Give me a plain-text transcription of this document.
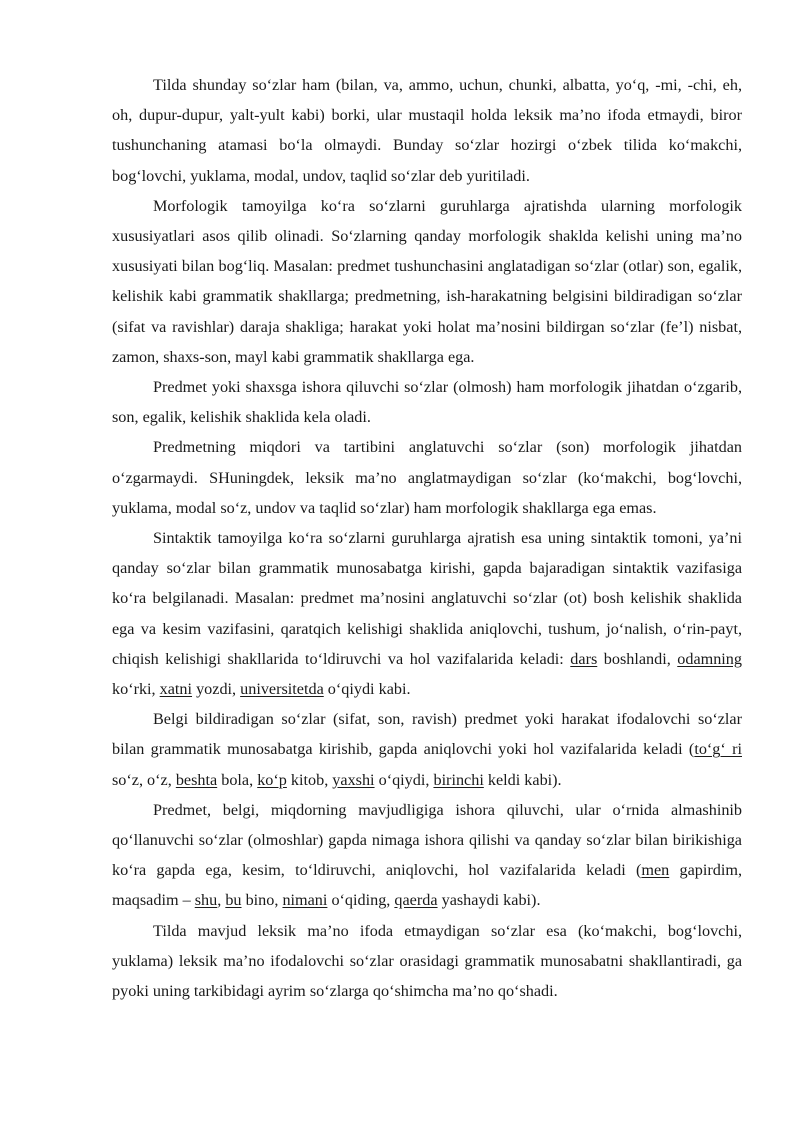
Tilda shunday so‘zlar ham (bilan, va, ammo, uchun, chunki, albatta, yo‘q, -mi, -chi, eh, oh, dupur-dupur, yalt-yult kabi) borki, ular mustaqil holda leksik ma’no ifoda etmaydi, biror tushunchaning atamasi bo‘la olmaydi. Bunday so‘zlar hozirgi o‘zbek tilida ko‘makchi, bog‘lovchi, yuklama, modal, undov, taqlid so‘zlar deb yuritiladi.

Morfologik tamoyilga ko‘ra so‘zlarni guruhlarga ajratishda ularning morfologik xususiyatlari asos qilib olinadi. So‘zlarning qanday morfologik shaklda kelishi uning ma’no xususiyati bilan bog‘liq. Masalan: predmet tushunchasini anglatadigan so‘zlar (otlar) son, egalik, kelishik kabi grammatik shakllarga; predmetning, ish-harakatning belgisini bildiradigan so‘zlar (sifat va ravishlar) daraja shakliga; harakat yoki holat ma’nosini bildirgan so‘zlar (fe’l) nisbat, zamon, shaxs-son, mayl kabi grammatik shakllarga ega.

Predmet yoki shaxsga ishora qiluvchi so‘zlar (olmosh) ham morfologik jihatdan o‘zgarib, son, egalik, kelishik shaklida kela oladi.

Predmetning miqdori va tartibini anglatuvchi so‘zlar (son) morfologik jihatdan o‘zgarmaydi. SHuningdek, leksik ma’no anglatmaydigan so‘zlar (ko‘makchi, bog‘lovchi, yuklama, modal so‘z, undov va taqlid so‘zlar) ham morfologik shakllarga ega emas.

Sintaktik tamoyilga ko‘ra so‘zlarni guruhlarga ajratish esa uning sintaktik tomoni, ya’ni qanday so‘zlar bilan grammatik munosabatga kirishi, gapda bajaradigan sintaktik vazifasiga ko‘ra belgilanadi. Masalan: predmet ma’nosini anglatuvchi so‘zlar (ot) bosh kelishik shaklida ega va kesim vazifasini, qaratqich kelishigi shaklida aniqlovchi, tushum, jo‘nalish, o‘rin-payt, chiqish kelishigi shakllarida to‘ldiruvchi va hol vazifalarida keladi: dars boshlandi, odamning ko‘rki, xatni yozdi, universitetda o‘qiydi kabi.

Belgi bildiradigan so‘zlar (sifat, son, ravish) predmet yoki harakat ifodalovchi so‘zlar bilan grammatik munosabatga kirishib, gapda aniqlovchi yoki hol vazifalarida keladi (to‘g‘ ri so‘z, o‘z, beshta bola, ko‘p kitob, yaxshi o‘qiydi, birinchi keldi kabi).

Predmet, belgi, miqdorning mavjudligiga ishora qiluvchi, ular o‘rnida almashinib qo‘llanuvchi so‘zlar (olmoshlar) gapda nimaga ishora qilishi va qanday so‘zlar bilan birikishiga ko‘ra gapda ega, kesim, to‘ldiruvchi, aniqlovchi, hol vazifalarida keladi (men gapirdim, maqsadim – shu, bu bino, nimani o‘qiding, qaerda yashaydi kabi).

Tilda mavjud leksik ma’no ifoda etmaydigan so‘zlar esa (ko‘makchi, bog‘lovchi, yuklama) leksik ma’no ifodalovchi so‘zlar orasidagi grammatik munosabatni shakllantiradi, ga pyoki uning tarkibidagi ayrim so‘zlarga qo‘shimcha ma’no qo‘shadi.
